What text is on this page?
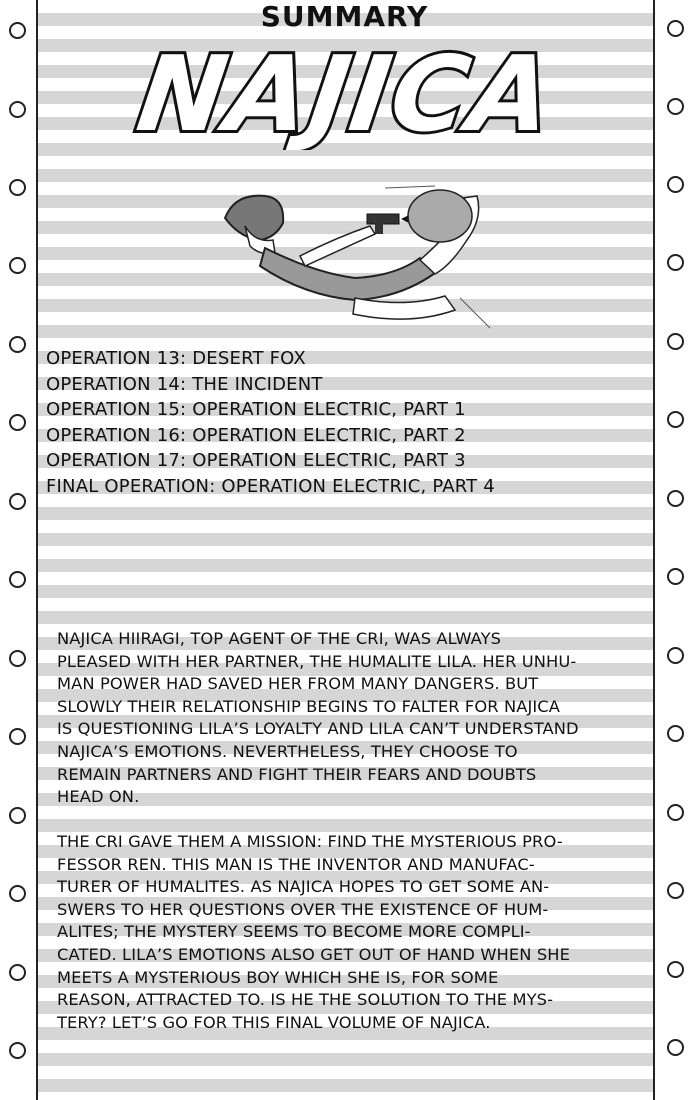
SUMMARY
NAJICA
OPERATION 13: DESERT FOX
OPERATION 14: THE INCIDENT
OPERATION 15: OPERATION ELECTRIC, PART 1
OPERATION 16: OPERATION ELECTRIC, PART 2
OPERATION 17: OPERATION ELECTRIC, PART 3
FINAL OPERATION: OPERATION ELECTRIC, PART 4
NAJICA HIIRAGI, TOP AGENT OF THE CRI, WAS ALWAYS
PLEASED WITH HER PARTNER, THE HUMALITE LILA. HER UNHU-
MAN POWER HAD SAVED HER FROM MANY DANGERS. BUT
SLOWLY THEIR RELATIONSHIP BEGINS TO FALTER FOR NAJICA
IS QUESTIONING LILA’S LOYALTY AND LILA CAN’T UNDERSTAND
NAJICA’S EMOTIONS. NEVERTHELESS, THEY CHOOSE TO
REMAIN PARTNERS AND FIGHT THEIR FEARS AND DOUBTS
HEAD ON.
THE CRI GAVE THEM A MISSION: FIND THE MYSTERIOUS PRO-
FESSOR REN. THIS MAN IS THE INVENTOR AND MANUFAC-
TURER OF HUMALITES. AS NAJICA HOPES TO GET SOME AN-
SWERS TO HER QUESTIONS OVER THE EXISTENCE OF HUM-
ALITES; THE MYSTERY SEEMS TO BECOME MORE COMPLI-
CATED. LILA’S EMOTIONS ALSO GET OUT OF HAND WHEN SHE
MEETS A MYSTERIOUS BOY WHICH SHE IS, FOR SOME
REASON, ATTRACTED TO. IS HE THE SOLUTION TO THE MYS-
TERY? LET’S GO FOR THIS FINAL VOLUME OF NAJICA.
